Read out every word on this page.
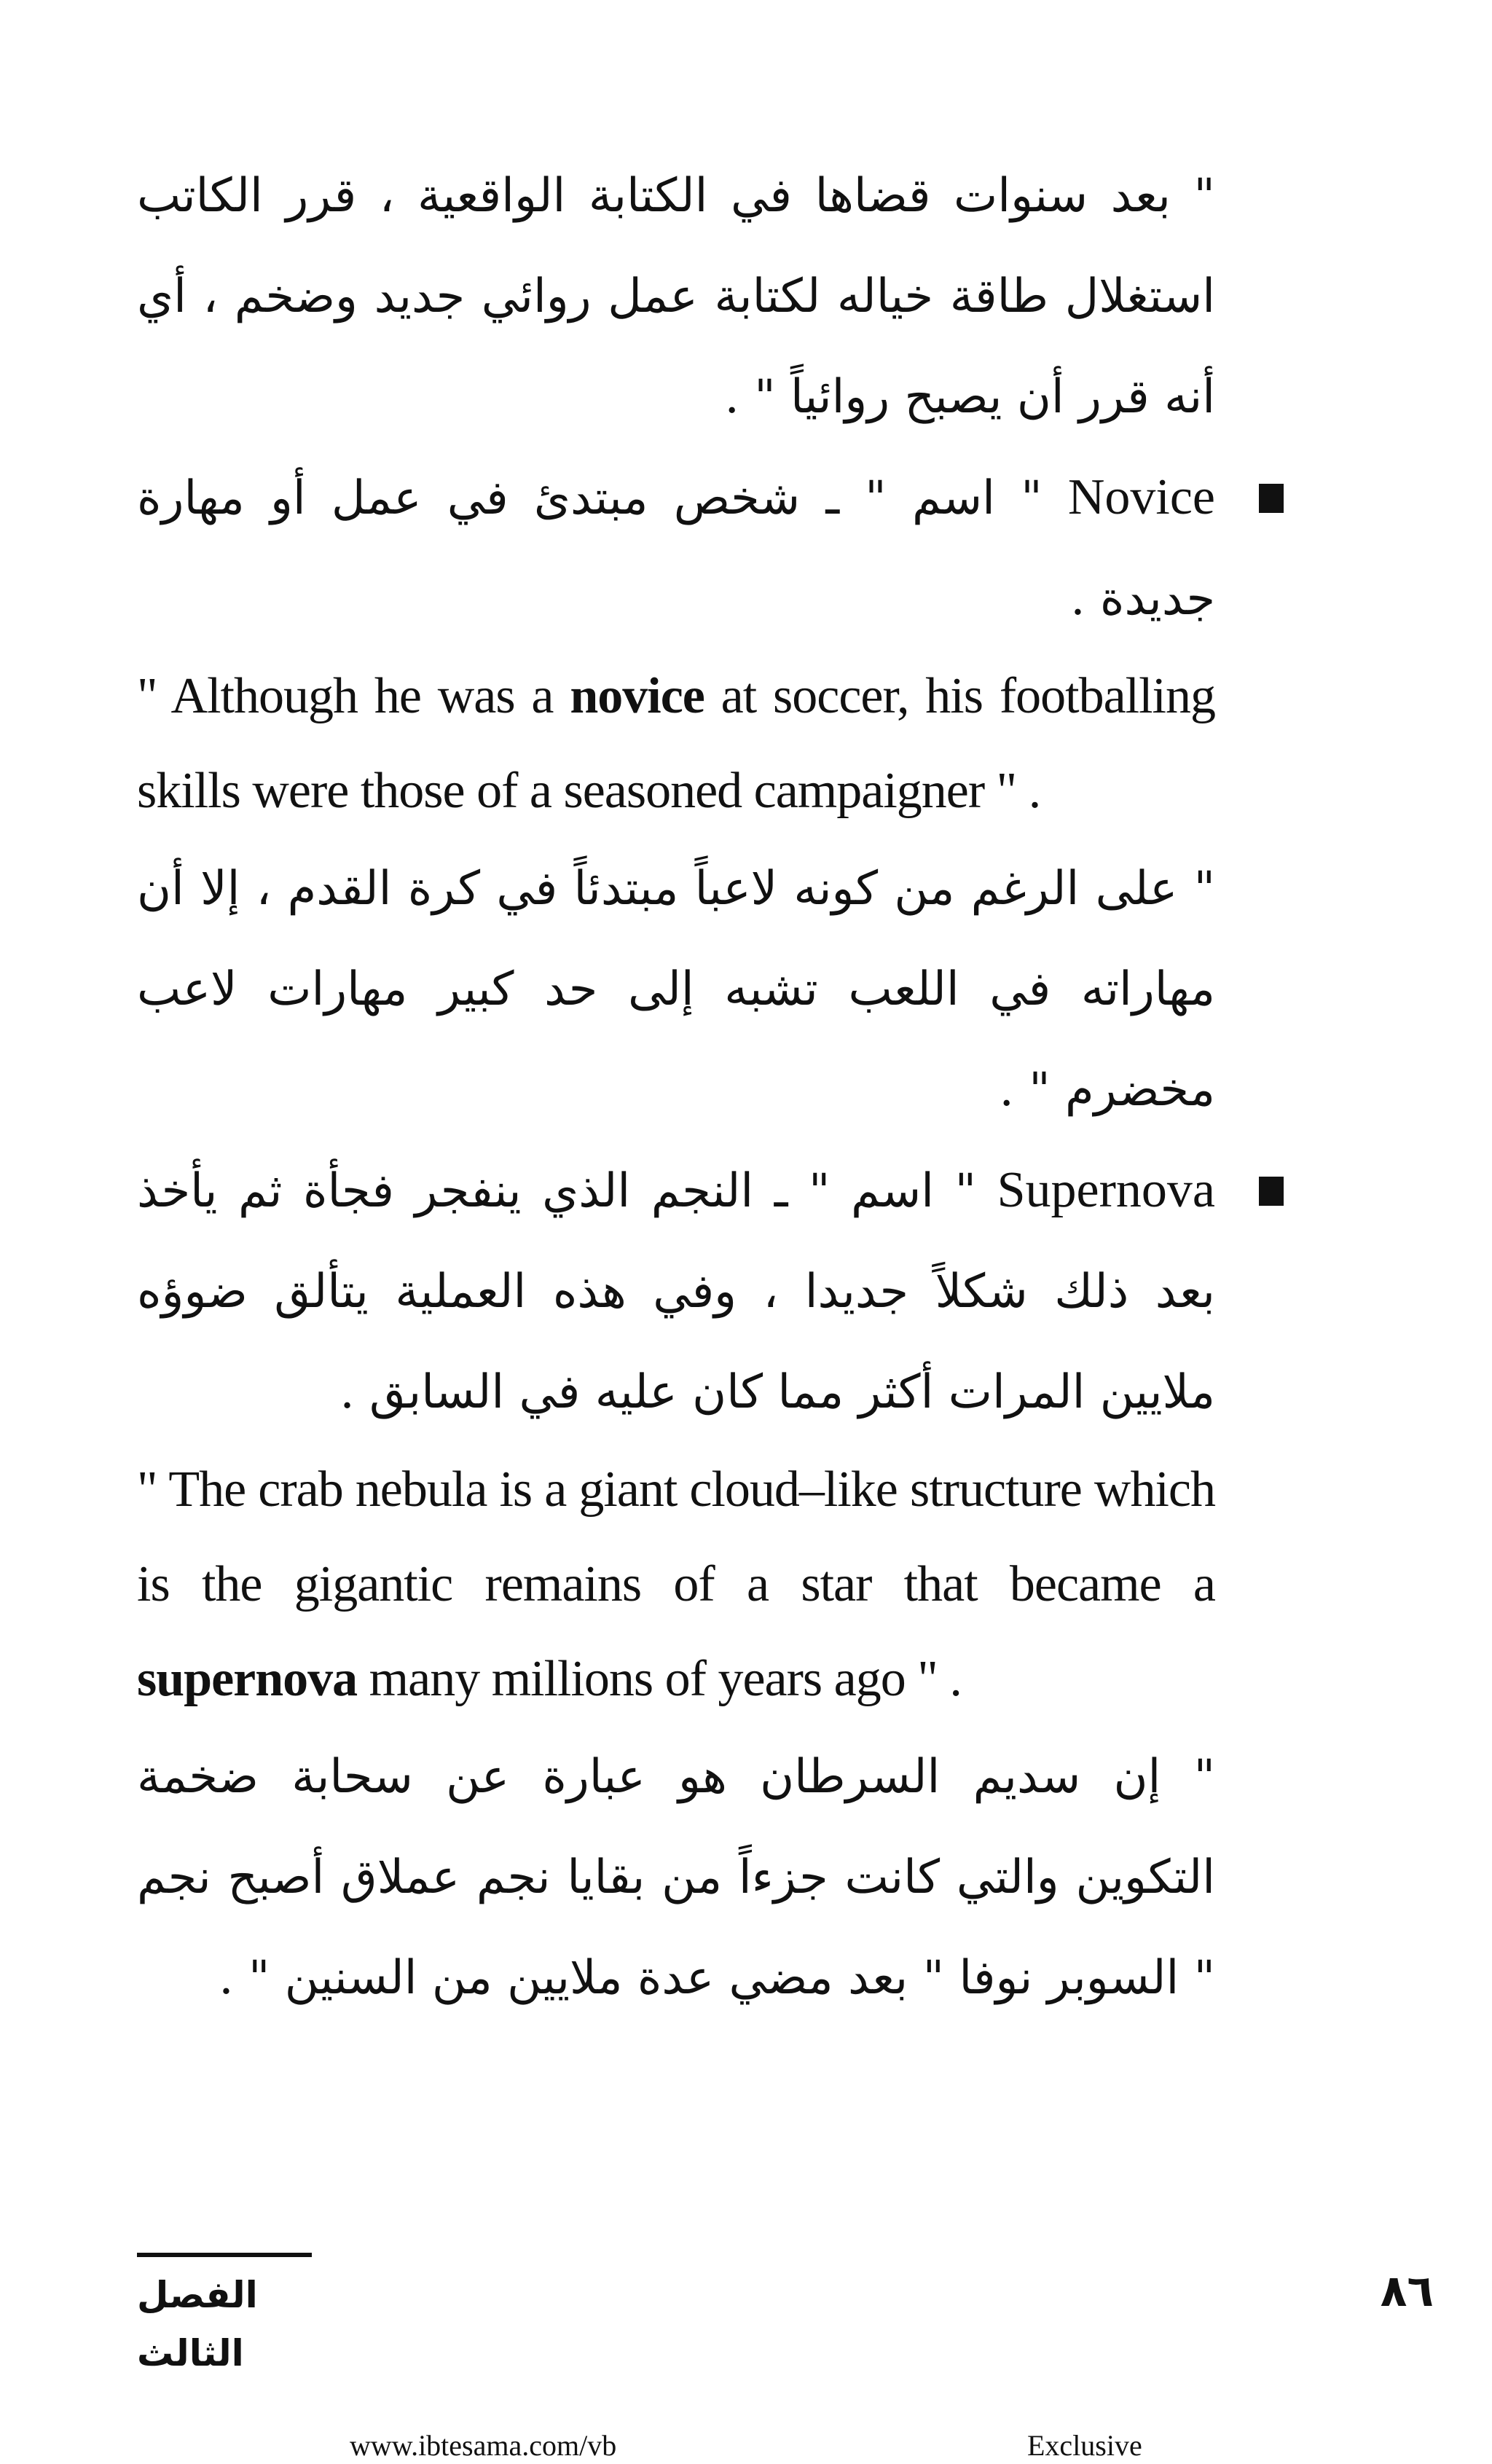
" بعد سنوات قضاها في الكتابة الواقعية ، قرر الكاتب استغلال طاقة خياله لكتابة عمل روائي جديد وضخم ، أي أنه قرر أن يصبح روائياً " .

Novice " اسم " ـ شخص مبتدئ في عمل أو مهارة جديدة .

" Although he was a novice at soccer, his footballing skills were those of a seasoned campaigner " .

" على الرغم من كونه لاعباً مبتدئاً في كرة القدم ، إلا أن مهاراته في اللعب تشبه إلى حد كبير مهارات لاعب مخضرم " .

Supernova " اسم " ـ النجم الذي ينفجر فجأة ثم يأخذ بعد ذلك شكلاً جديدا ، وفي هذه العملية يتألق ضوؤه ملايين المرات أكثر مما كان عليه في السابق .

" The crab nebula is a giant cloud–like structure which is the gigantic remains of a star that became a supernova many millions of years ago " .

" إن سديم السرطان هو عبارة عن سحابة ضخمة التكوين والتي كانت جزءاً من بقايا نجم عملاق أصبح نجم " السوبر نوفا " بعد مضي عدة ملايين من السنين " .

الفصل الثالث
٨٦
www.ibtesama.com/vb	Exclusive
